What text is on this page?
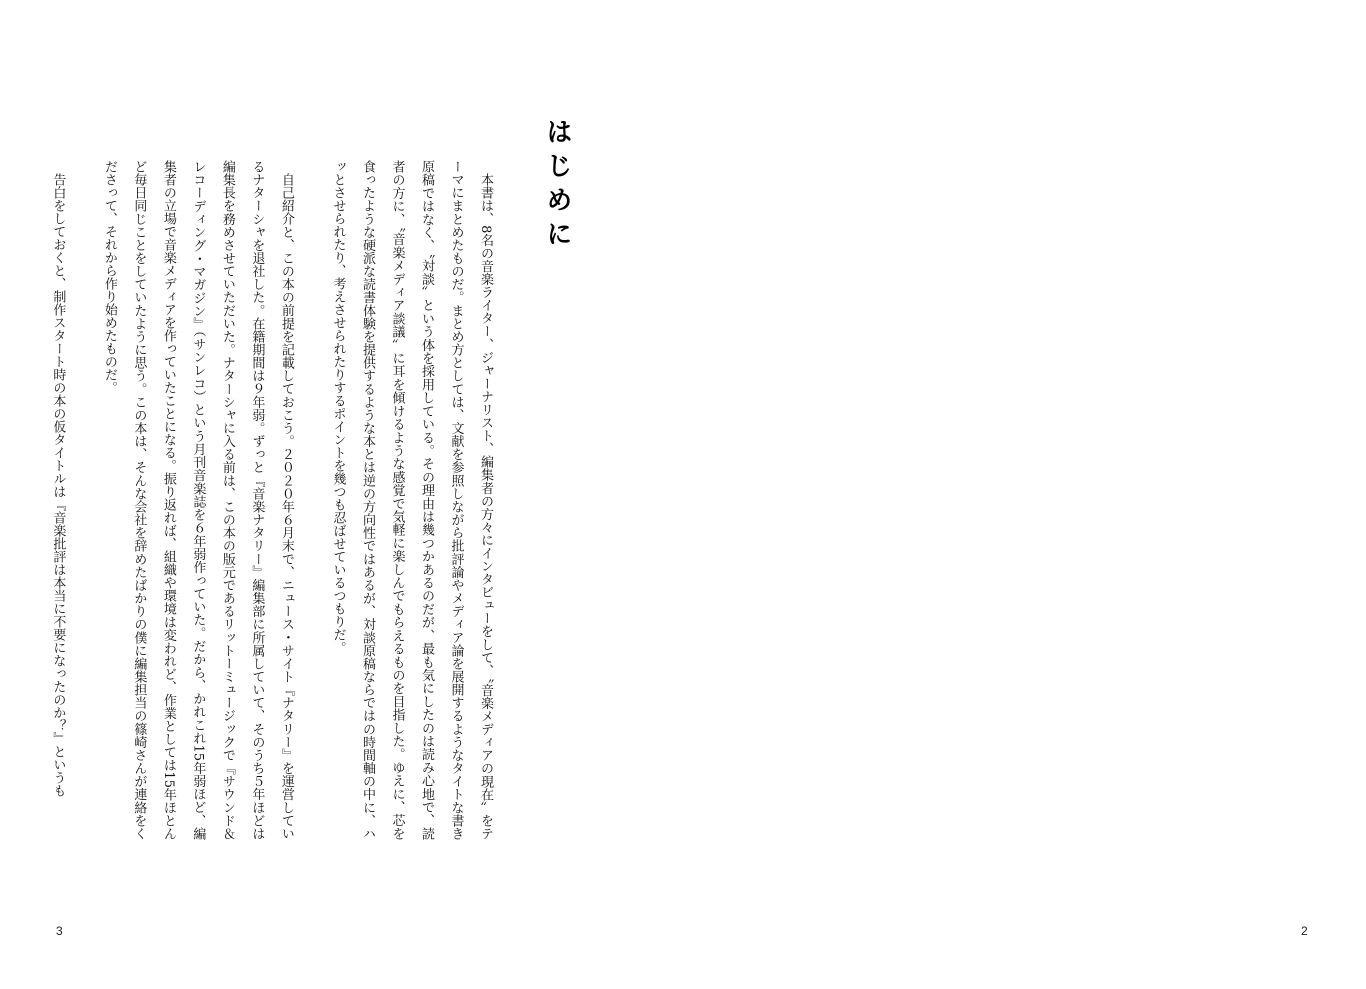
はじめに

本書は、8名の音楽ライター、ジャーナリスト、編集者の方々にインタビューをして、〝音楽メディアの現在〟をテーマにまとめたものだ。まとめ方としては、文献を参照しながら批評論やメディア論を展開するようなタイトな書き原稿ではなく、〝対談〟という体を採用している。その理由は幾つかあるのだが、最も気にしたのは読み心地で、読者の方に、〝音楽メディア談議〟に耳を傾けるような感覚で気軽に楽しんでもらえるものを目指した。ゆえに、芯を食ったような硬派な読書体験を提供するような本とは逆の方向性ではあるが、対談原稿ならではの時間軸の中に、ハッとさせられたり、考えさせられたりするポイントを幾つも忍ばせているつもりだ。

自己紹介と、この本の前提を記載しておこう。２０２０年６月末で、ニュース・サイト『ナタリー』を運営しているナターシャを退社した。在籍期間は９年弱。ずっと『音楽ナタリー』編集部に所属していて、そのうち５年ほどは編集長を務めさせていただいた。ナターシャに入る前は、この本の版元であるリットーミュージックで『サウンド＆レコーディング・マガジン』（サンレコ）という月刊音楽誌を６年弱作っていた。だから、かれこれ15年弱ほど、編集者の立場で音楽メディアを作っていたことになる。振り返れば、組織や環境は変われど、作業としては15年ほとんど毎日同じことをしていたように思う。この本は、そんな会社を辞めたばかりの僕に編集担当の篠崎さんが連絡をくださって、それから作り始めたものだ。

告白をしておくと、制作スタート時の本の仮タイトルは『音楽批評は本当に不要になったのか？』というも

3	2
